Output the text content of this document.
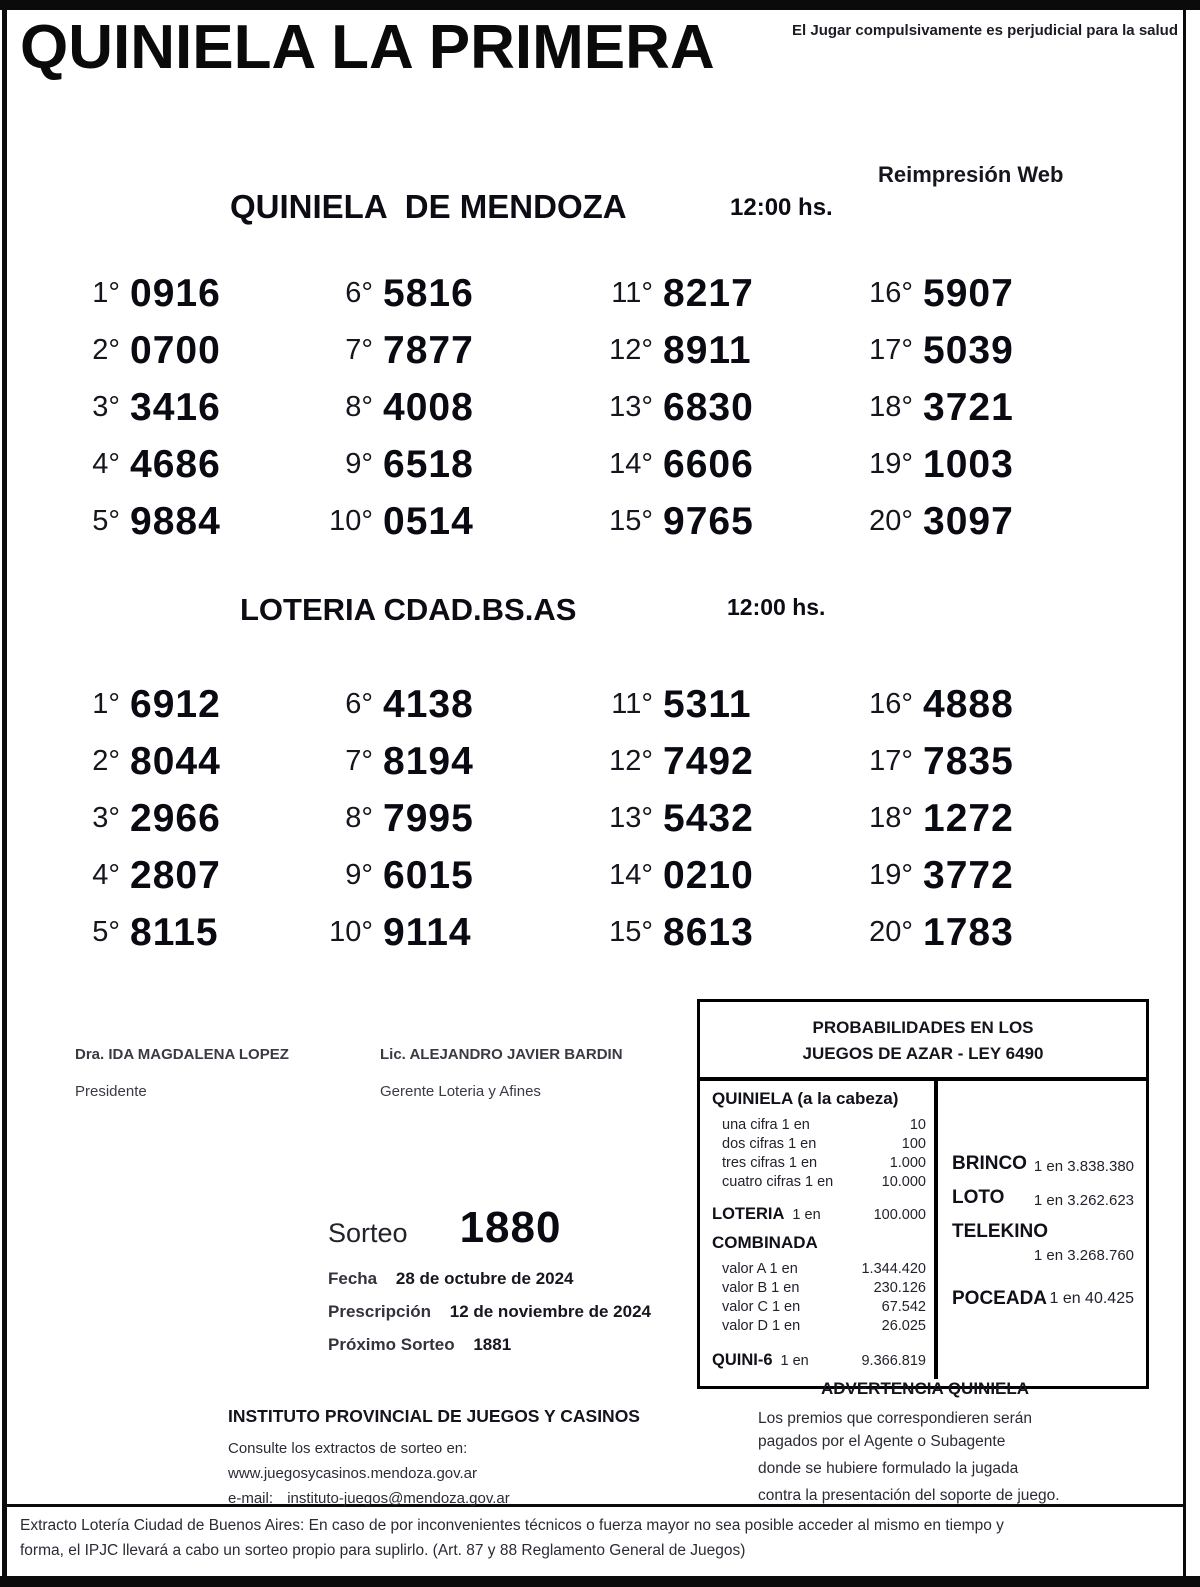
QUINIELA LA PRIMERA	El Jugar compulsivamente es perjudicial para la salud
Reimpresión Web
QUINIELA  DE MENDOZA	12:00 hs.
1° 0916
2° 0700
3° 3416
4° 4686
5° 9884
6° 5816
7° 7877
8° 4008
9° 6518
10° 0514
11° 8217
12° 8911
13° 6830
14° 6606
15° 9765
16° 5907
17° 5039
18° 3721
19° 1003
20° 3097
LOTERIA CDAD.BS.AS	12:00 hs.
1° 6912
2° 8044
3° 2966
4° 2807
5° 8115
6° 4138
7° 8194
8° 7995
9° 6015
10° 9114
11° 5311
12° 7492
13° 5432
14° 0210
15° 8613
16° 4888
17° 7835
18° 1272
19° 3772
20° 1783
Dra. IDA MAGDALENA LOPEZ
Presidente
Lic. ALEJANDRO JAVIER BARDIN
Gerente Loteria y Afines
Sorteo 1880
Fecha 28 de octubre de 2024
Prescripción 12 de noviembre de 2024
Próximo Sorteo 1881
PROBABILIDADES EN LOS
JUEGOS DE AZAR - LEY 6490
QUINIELA (a la cabeza)
una cifra 1 en	10
dos cifras 1 en	100
tres cifras 1 en	1.000
cuatro cifras 1 en	10.000
LOTERIA 1 en	100.000
COMBINADA
valor A 1 en	1.344.420
valor B 1 en	230.126
valor C 1 en	67.542
valor D 1 en	26.025
QUINI-6 1 en	9.366.819
BRINCO 1 en 3.838.380
LOTO 1 en 3.262.623
TELEKINO
1 en 3.268.760
POCEADA 1 en 40.425
ADVERTENCIA QUINIELA
Los premios que correspondieren serán
pagados por el Agente o Subagente
donde se hubiere formulado la jugada
contra la presentación del soporte de juego.
INSTITUTO PROVINCIAL DE JUEGOS Y CASINOS
Consulte los extractos de sorteo en:
www.juegosycasinos.mendoza.gov.ar
e-mail: instituto-juegos@mendoza.gov.ar
Extracto Lotería Ciudad de Buenos Aires: En caso de por inconvenientes técnicos o fuerza mayor no sea posible acceder al mismo en tiempo y
forma, el IPJC llevará a cabo un sorteo propio para suplirlo. (Art. 87 y 88 Reglamento General de Juegos)
